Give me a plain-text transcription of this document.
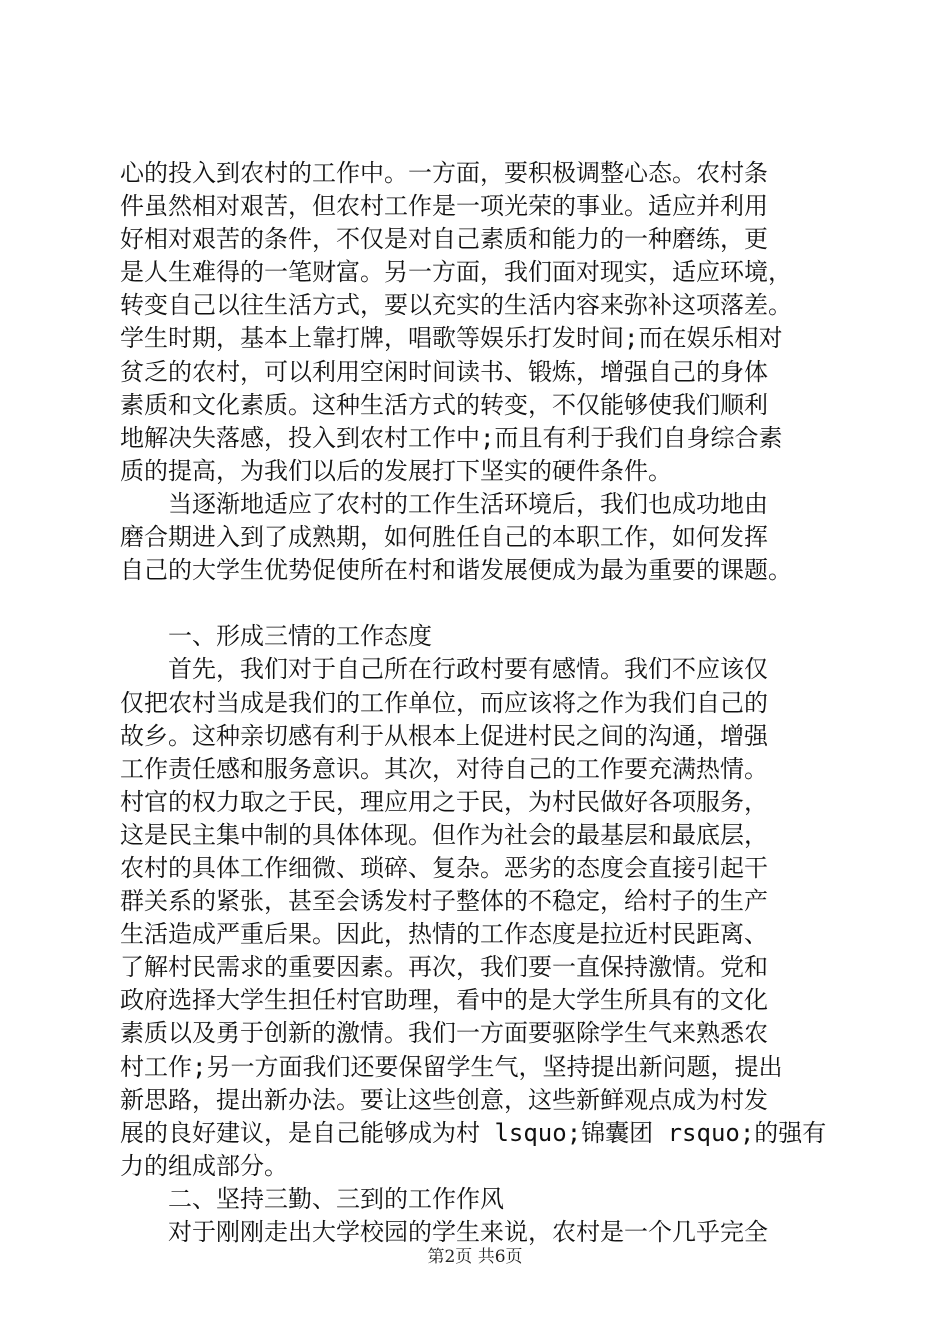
心的投入到农村的工作中。一方面，要积极调整心态。农村条
件虽然相对艰苦，但农村工作是一项光荣的事业。适应并利用
好相对艰苦的条件，不仅是对自己素质和能力的一种磨练，更
是人生难得的一笔财富。另一方面，我们面对现实，适应环境，
转变自己以往生活方式，要以充实的生活内容来弥补这项落差。
学生时期，基本上靠打牌，唱歌等娱乐打发时间;而在娱乐相对
贫乏的农村，可以利用空闲时间读书、锻炼，增强自己的身体
素质和文化素质。这种生活方式的转变，不仅能够使我们顺利
地解决失落感，投入到农村工作中;而且有利于我们自身综合素
质的提高，为我们以后的发展打下坚实的硬件条件。
当逐渐地适应了农村的工作生活环境后，我们也成功地由
磨合期进入到了成熟期，如何胜任自己的本职工作，如何发挥
自己的大学生优势促使所在村和谐发展便成为最为重要的课题。
一、形成三情的工作态度
首先，我们对于自己所在行政村要有感情。我们不应该仅
仅把农村当成是我们的工作单位，而应该将之作为我们自己的
故乡。这种亲切感有利于从根本上促进村民之间的沟通，增强
工作责任感和服务意识。其次，对待自己的工作要充满热情。
村官的权力取之于民，理应用之于民，为村民做好各项服务，
这是民主集中制的具体体现。但作为社会的最基层和最底层，
农村的具体工作细微、琐碎、复杂。恶劣的态度会直接引起干
群关系的紧张，甚至会诱发村子整体的不稳定，给村子的生产
生活造成严重后果。因此，热情的工作态度是拉近村民距离、
了解村民需求的重要因素。再次，我们要一直保持激情。党和
政府选择大学生担任村官助理，看中的是大学生所具有的文化
素质以及勇于创新的激情。我们一方面要驱除学生气来熟悉农
村工作;另一方面我们还要保留学生气，坚持提出新问题，提出
新思路，提出新办法。要让这些创意，这些新鲜观点成为村发
展的良好建议，是自己能够成为村 lsquo;锦囊团 rsquo;的强有
力的组成部分。
二、坚持三勤、三到的工作作风
对于刚刚走出大学校园的学生来说，农村是一个几乎完全
第2页 共6页
